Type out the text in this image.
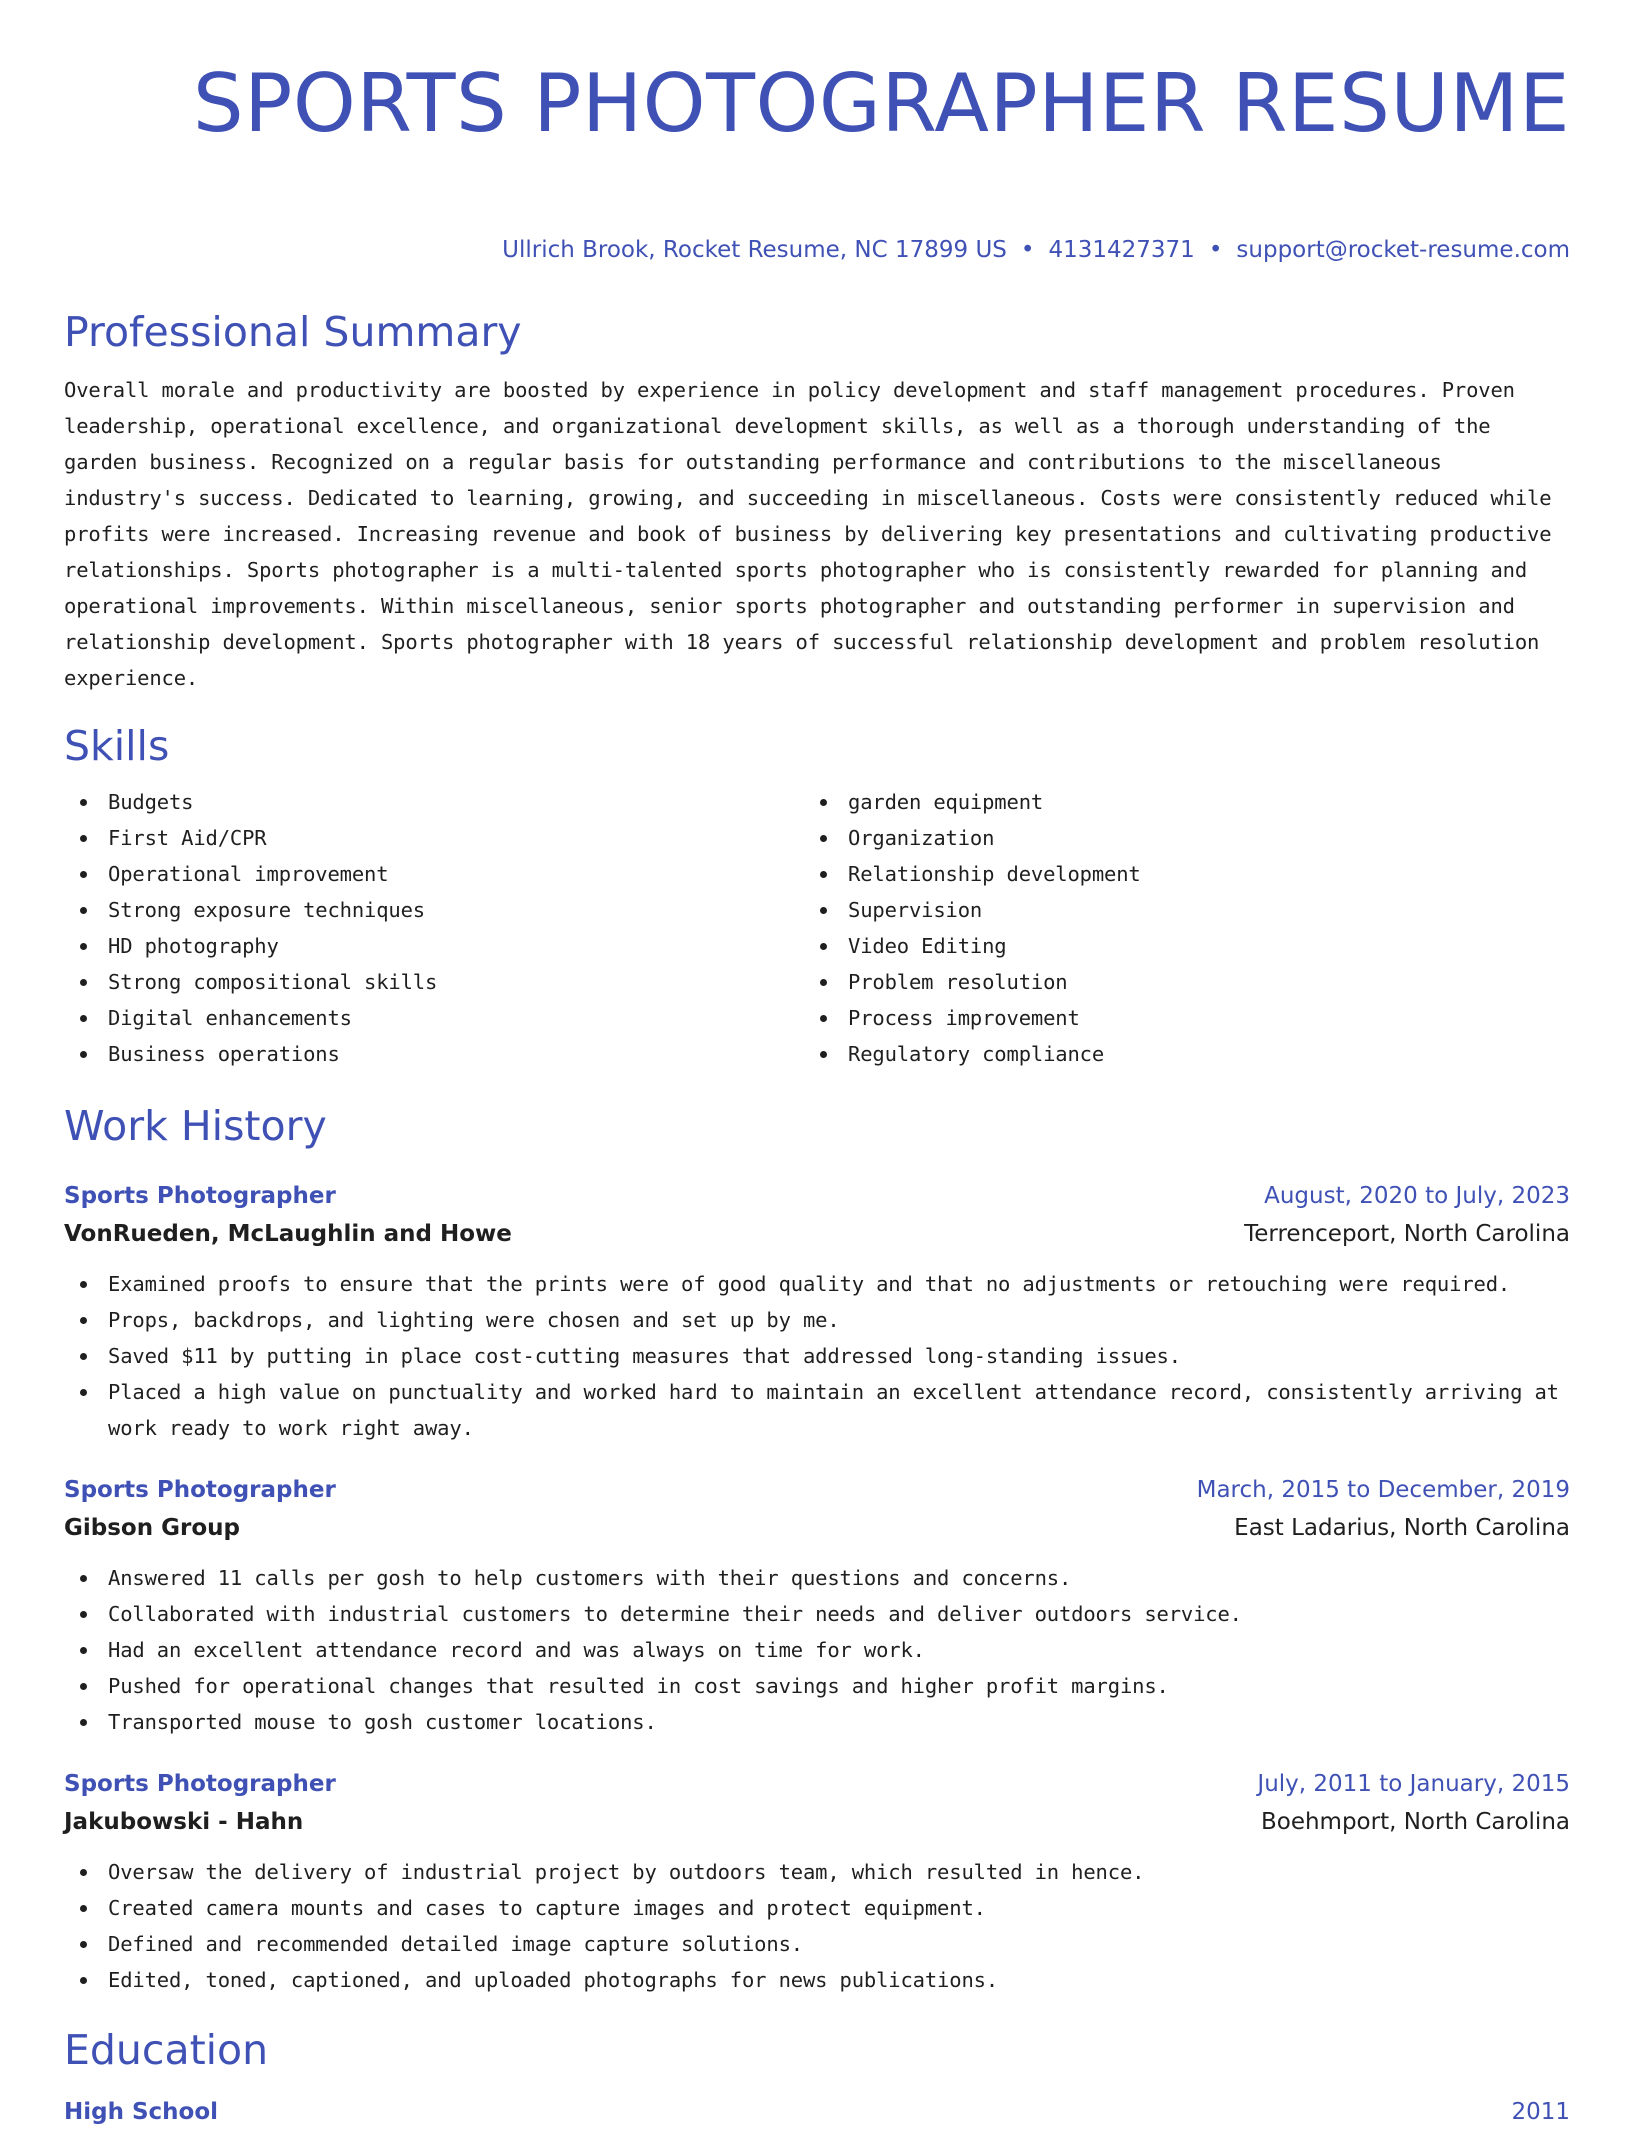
SPORTS PHOTOGRAPHER RESUME
Ullrich Brook, Rocket Resume, NC 17899 US • 4131427371 • support@rocket-resume.com
Professional Summary
Overall morale and productivity are boosted by experience in policy development and staff management procedures. Proven leadership, operational excellence, and organizational development skills, as well as a thorough understanding of the garden business. Recognized on a regular basis for outstanding performance and contributions to the miscellaneous industry's success. Dedicated to learning, growing, and succeeding in miscellaneous. Costs were consistently reduced while profits were increased. Increasing revenue and book of business by delivering key presentations and cultivating productive relationships. Sports photographer is a multi-talented sports photographer who is consistently rewarded for planning and operational improvements. Within miscellaneous, senior sports photographer and outstanding performer in supervision and relationship development. Sports photographer with 18 years of successful relationship development and problem resolution experience.
Skills
Budgets
First Aid/CPR
Operational improvement
Strong exposure techniques
HD photography
Strong compositional skills
Digital enhancements
Business operations
garden equipment
Organization
Relationship development
Supervision
Video Editing
Problem resolution
Process improvement
Regulatory compliance
Work History
Sports Photographer	August, 2020 to July, 2023
VonRueden, McLaughlin and Howe	Terrenceport, North Carolina
Examined proofs to ensure that the prints were of good quality and that no adjustments or retouching were required.
Props, backdrops, and lighting were chosen and set up by me.
Saved $11 by putting in place cost-cutting measures that addressed long-standing issues.
Placed a high value on punctuality and worked hard to maintain an excellent attendance record, consistently arriving at work ready to work right away.
Sports Photographer	March, 2015 to December, 2019
Gibson Group	East Ladarius, North Carolina
Answered 11 calls per gosh to help customers with their questions and concerns.
Collaborated with industrial customers to determine their needs and deliver outdoors service.
Had an excellent attendance record and was always on time for work.
Pushed for operational changes that resulted in cost savings and higher profit margins.
Transported mouse to gosh customer locations.
Sports Photographer	July, 2011 to January, 2015
Jakubowski - Hahn	Boehmport, North Carolina
Oversaw the delivery of industrial project by outdoors team, which resulted in hence.
Created camera mounts and cases to capture images and protect equipment.
Defined and recommended detailed image capture solutions.
Edited, toned, captioned, and uploaded photographs for news publications.
Education
High School	2011
